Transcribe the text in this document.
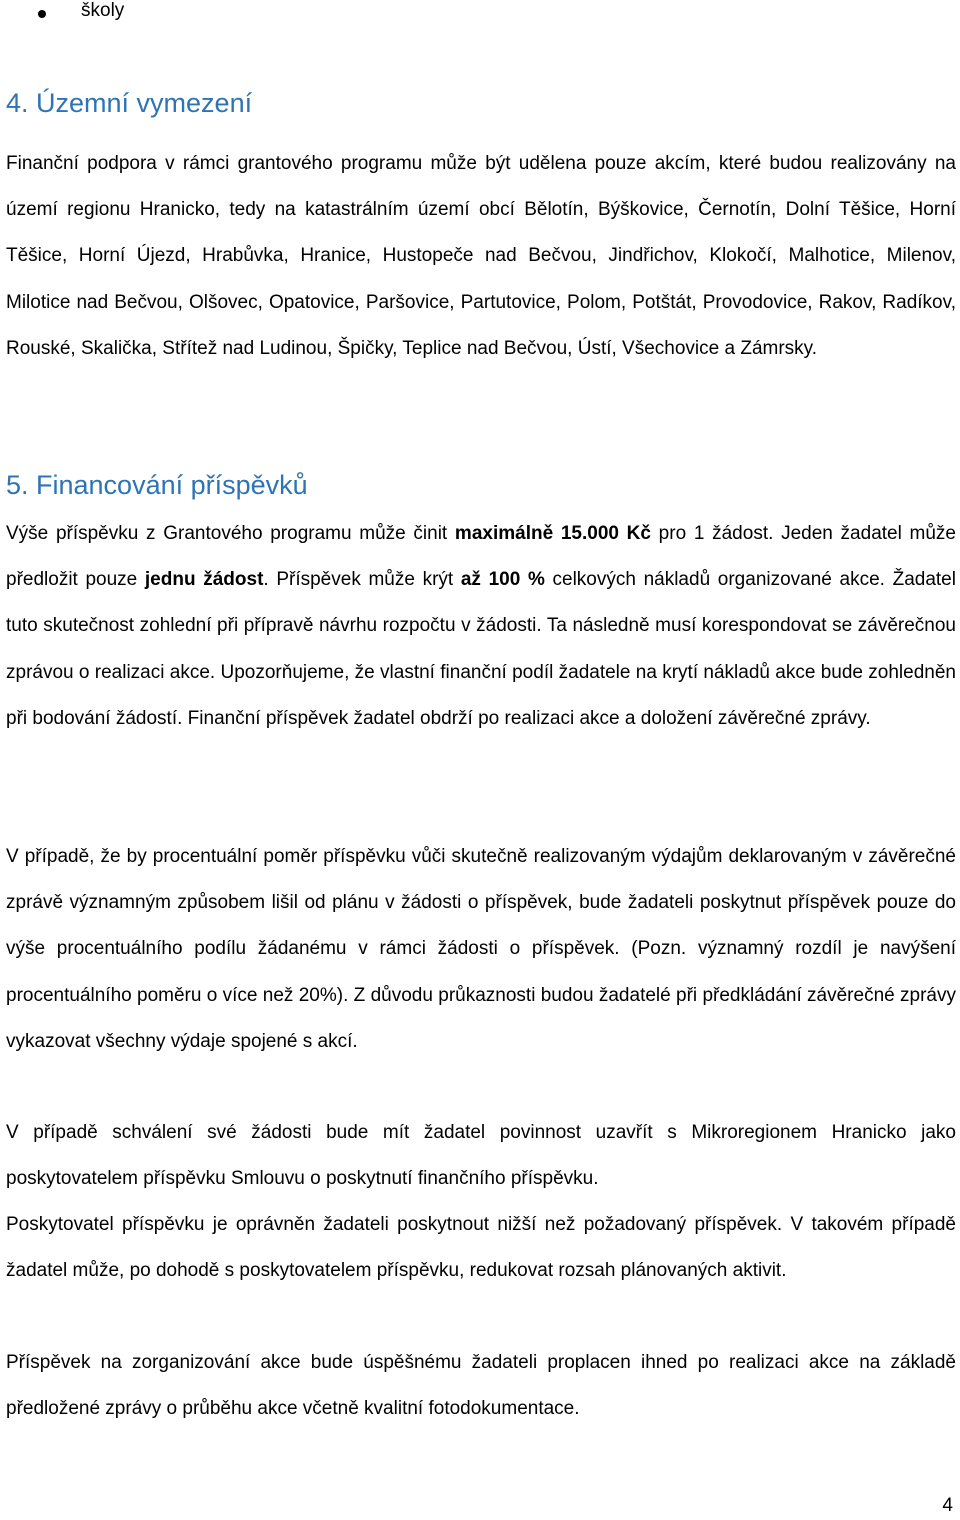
školy
4. Územní vymezení

Finanční podpora v rámci grantového programu může být udělena pouze akcím, které budou realizovány na území regionu Hranicko, tedy na katastrálním území obcí Bělotín, Býškovice, Černotín, Dolní Těšice, Horní Těšice, Horní Újezd, Hrabůvka, Hranice, Hustopeče nad Bečvou, Jindřichov, Klokočí, Malhotice, Milenov, Milotice nad Bečvou, Olšovec, Opatovice, Paršovice, Partutovice, Polom, Potštát, Provodovice, Rakov, Radíkov, Rouské, Skalička, Střítež nad Ludinou, Špičky, Teplice nad Bečvou, Ústí, Všechovice a Zámrsky.

5. Financování příspěvků

Výše příspěvku z Grantového programu může činit maximálně 15.000 Kč pro 1 žádost. Jeden žadatel může předložit pouze jednu žádost. Příspěvek může krýt až 100 % celkových nákladů organizované akce. Žadatel tuto skutečnost zohlední při přípravě návrhu rozpočtu v žádosti. Ta následně musí korespondovat se závěrečnou zprávou o realizaci akce. Upozorňujeme, že vlastní finanční podíl žadatele na krytí nákladů akce bude zohledněn při bodování žádostí. Finanční příspěvek žadatel obdrží po realizaci akce a doložení závěrečné zprávy.

V případě, že by procentuální poměr příspěvku vůči skutečně realizovaným výdajům deklarovaným v závěrečné zprávě významným způsobem lišil od plánu v žádosti o příspěvek, bude žadateli poskytnut příspěvek pouze do výše procentuálního podílu žádanému v rámci žádosti o příspěvek. (Pozn. významný rozdíl je navýšení procentuálního poměru o více než 20%). Z důvodu průkaznosti budou žadatelé při předkládání závěrečné zprávy vykazovat všechny výdaje spojené s akcí.

V případě schválení své žádosti bude mít žadatel povinnost uzavřít s Mikroregionem Hranicko jako poskytovatelem příspěvku Smlouvu o poskytnutí finančního příspěvku.

Poskytovatel příspěvku je oprávněn žadateli poskytnout nižší než požadovaný příspěvek. V takovém případě žadatel může, po dohodě s poskytovatelem příspěvku, redukovat rozsah plánovaných aktivit.

Příspěvek na zorganizování akce bude úspěšnému žadateli proplacen ihned po realizaci akce na základě předložené zprávy o průběhu akce včetně kvalitní fotodokumentace.

4
